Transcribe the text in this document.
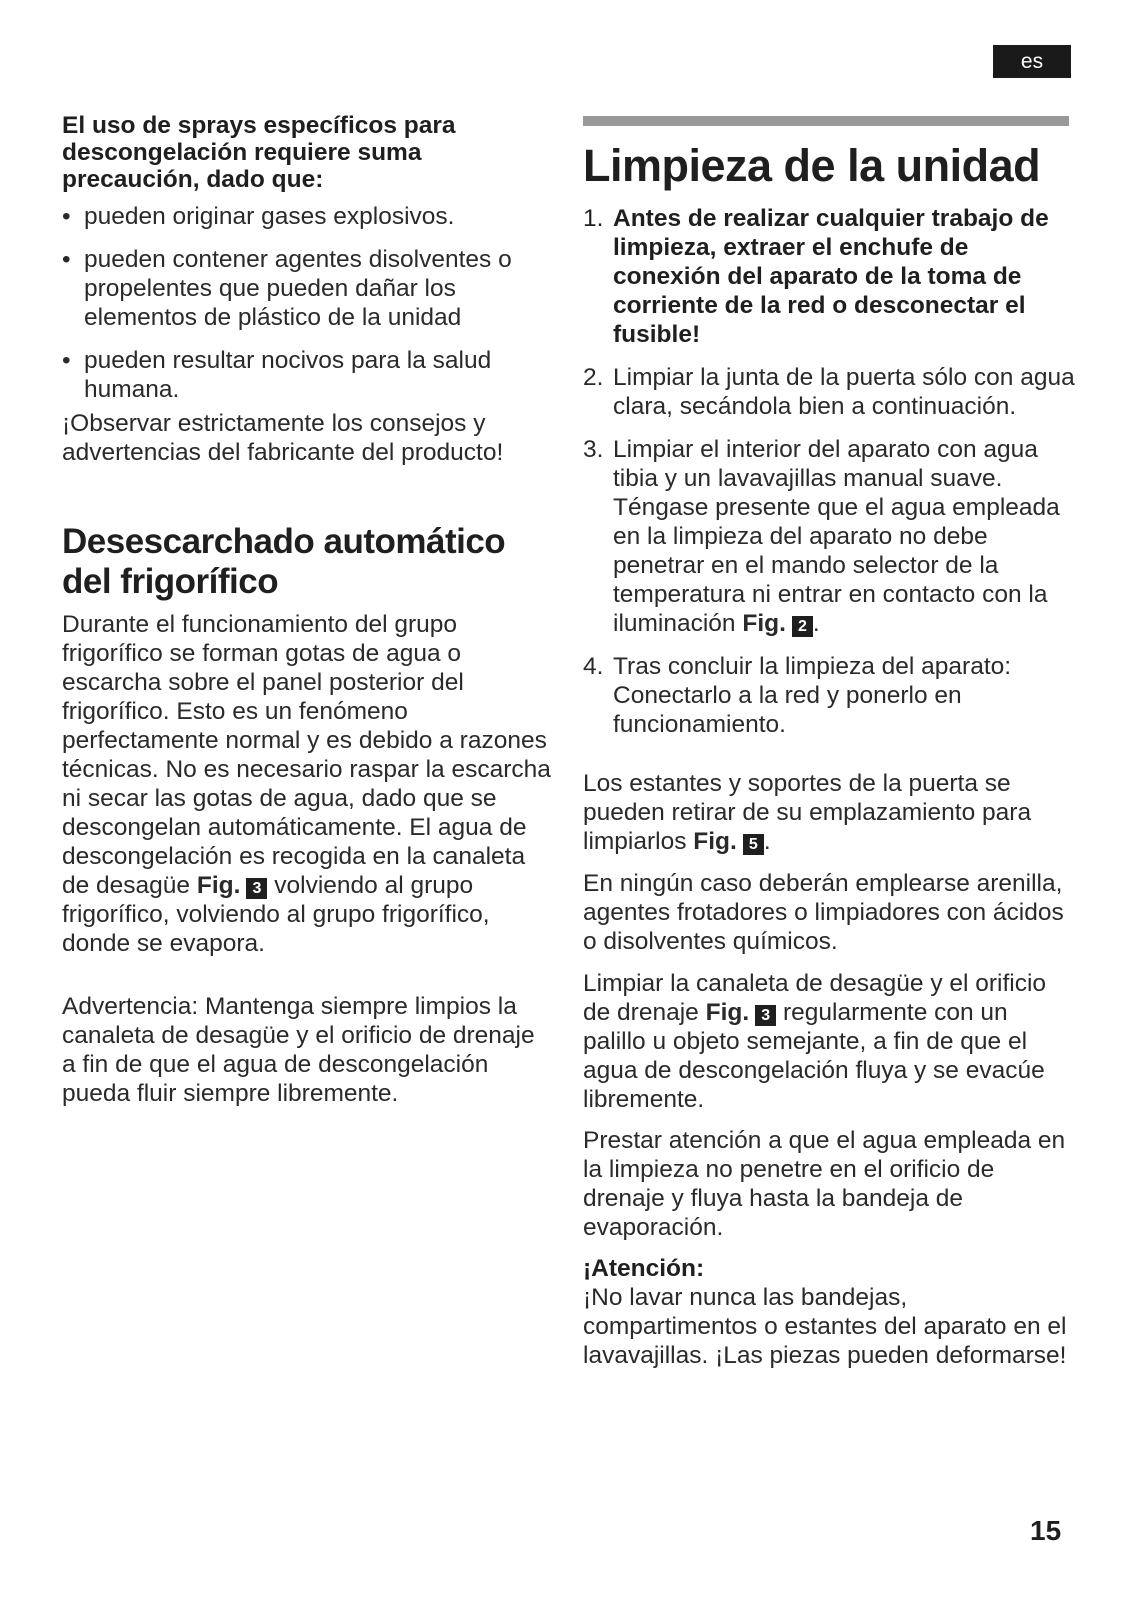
es
El uso de sprays específicos para descongelación requiere suma precaución, dado que:
• pueden originar gases explosivos.
• pueden contener agentes disolventes o propelentes que pueden dañar los elementos de plástico de la unidad
• pueden resultar nocivos para la salud humana.

¡Observar estrictamente los consejos y advertencias del fabricante del producto!

Desescarchado automático del frigorífico

Durante el funcionamiento del grupo frigorífico se forman gotas de agua o escarcha sobre el panel posterior del frigorífico. Esto es un fenómeno perfectamente normal y es debido a razones técnicas. No es necesario raspar la escarcha ni secar las gotas de agua, dado que se descongelan automáticamente. El agua de descongelación es recogida en la canaleta de desagüe Fig. 3 volviendo al grupo frigorífico, volviendo al grupo frigorífico, donde se evapora.

Advertencia: Mantenga siempre limpios la canaleta de desagüe y el orificio de drenaje a fin de que el agua de descongelación pueda fluir siempre libremente.

Limpieza de la unidad
1. Antes de realizar cualquier trabajo de limpieza, extraer el enchufe de conexión del aparato de la toma de corriente de la red o desconectar el fusible!
2. Limpiar la junta de la puerta sólo con agua clara, secándola bien a continuación.
3. Limpiar el interior del aparato con agua tibia y un lavavajillas manual suave. Téngase presente que el agua empleada en la limpieza del aparato no debe penetrar en el mando selector de la temperatura ni entrar en contacto con la iluminación Fig. 2 .
4. Tras concluir la limpieza del aparato: Conectarlo a la red y ponerlo en funcionamiento.

Los estantes y soportes de la puerta se pueden retirar de su emplazamiento para limpiarlos Fig. 5 .

En ningún caso deberán emplearse arenilla, agentes frotadores o limpiadores con ácidos o disolventes químicos.

Limpiar la canaleta de desagüe y el orificio de drenaje Fig. 3 regularmente con un palillo u objeto semejante, a fin de que el agua de descongelación fluya y se evacúe libremente.

Prestar atención a que el agua empleada en la limpieza no penetre en el orificio de drenaje y fluya hasta la bandeja de evaporación.

¡Atención:
¡No lavar nunca las bandejas, compartimentos o estantes del aparato en el lavavajillas. ¡Las piezas pueden deformarse!

15
